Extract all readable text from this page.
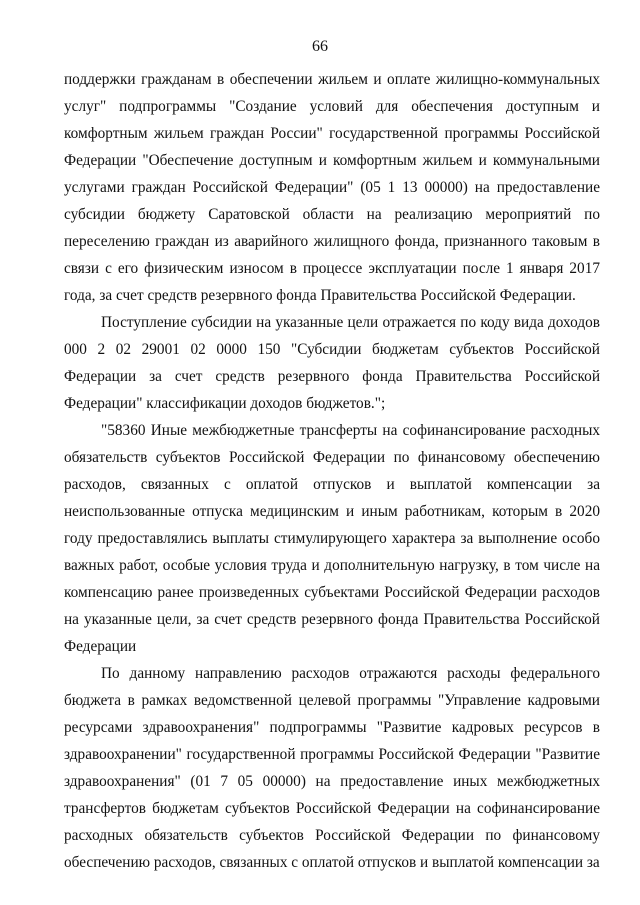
66

поддержки гражданам в обеспечении жильем и оплате жилищно-коммунальных услуг" подпрограммы "Создание условий для обеспечения доступным и комфортным жильем граждан России" государственной программы Российской Федерации "Обеспечение доступным и комфортным жильем и коммунальными услугами граждан Российской Федерации" (05 1 13 00000) на предоставление субсидии бюджету Саратовской области на реализацию мероприятий по переселению граждан из аварийного жилищного фонда, признанного таковым в связи с его физическим износом в процессе эксплуатации после 1 января 2017 года, за счет средств резервного фонда Правительства Российской Федерации.

Поступление субсидии на указанные цели отражается по коду вида доходов 000 2 02 29001 02 0000 150 "Субсидии бюджетам субъектов Российской Федерации за счет средств резервного фонда Правительства Российской Федерации" классификации доходов бюджетов.";

"58360 Иные межбюджетные трансферты на софинансирование расходных обязательств субъектов Российской Федерации по финансовому обеспечению расходов, связанных с оплатой отпусков и выплатой компенсации за неиспользованные отпуска медицинским и иным работникам, которым в 2020 году предоставлялись выплаты стимулирующего характера за выполнение особо важных работ, особые условия труда и дополнительную нагрузку, в том числе на компенсацию ранее произведенных субъектами Российской Федерации расходов на указанные цели, за счет средств резервного фонда Правительства Российской Федерации

По данному направлению расходов отражаются расходы федерального бюджета в рамках ведомственной целевой программы "Управление кадровыми ресурсами здравоохранения" подпрограммы "Развитие кадровых ресурсов в здравоохранении" государственной программы Российской Федерации "Развитие здравоохранения" (01 7 05 00000) на предоставление иных межбюджетных трансфертов бюджетам субъектов Российской Федерации на софинансирование расходных обязательств субъектов Российской Федерации по финансовому обеспечению расходов, связанных с оплатой отпусков и выплатой компенсации за
